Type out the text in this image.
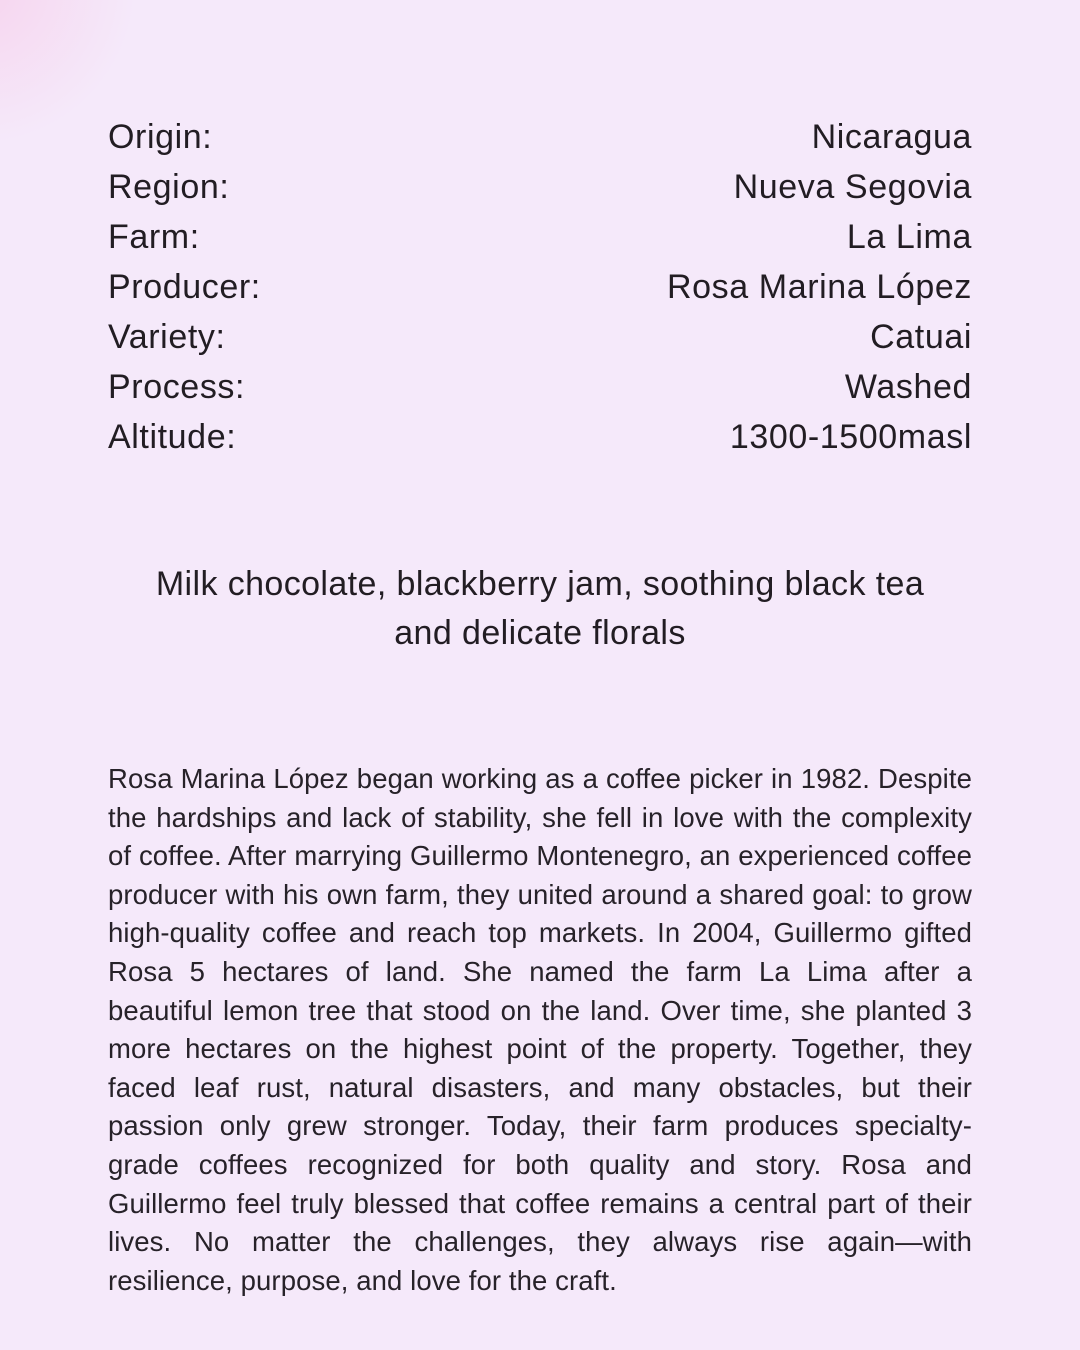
Origin:	Nicaragua
Region:	Nueva Segovia
Farm:	La Lima
Producer:	Rosa Marina López
Variety:	Catuai
Process:	Washed
Altitude:	1300-1500masl
Milk chocolate, blackberry jam, soothing black tea and delicate florals

Rosa Marina López began working as a coffee picker in 1982. Despite the hardships and lack of stability, she fell in love with the complexity of coffee. After marrying Guillermo Montenegro, an experienced coffee producer with his own farm, they united around a shared goal: to grow high-quality coffee and reach top markets. In 2004, Guillermo gifted Rosa 5 hectares of land. She named the farm La Lima after a beautiful lemon tree that stood on the land. Over time, she planted 3 more hectares on the highest point of the property. Together, they faced leaf rust, natural disasters, and many obstacles, but their passion only grew stronger. Today, their farm produces specialty-grade coffees recognized for both quality and story. Rosa and Guillermo feel truly blessed that coffee remains a central part of their lives. No matter the challenges, they always rise again—with resilience, purpose, and love for the craft.
